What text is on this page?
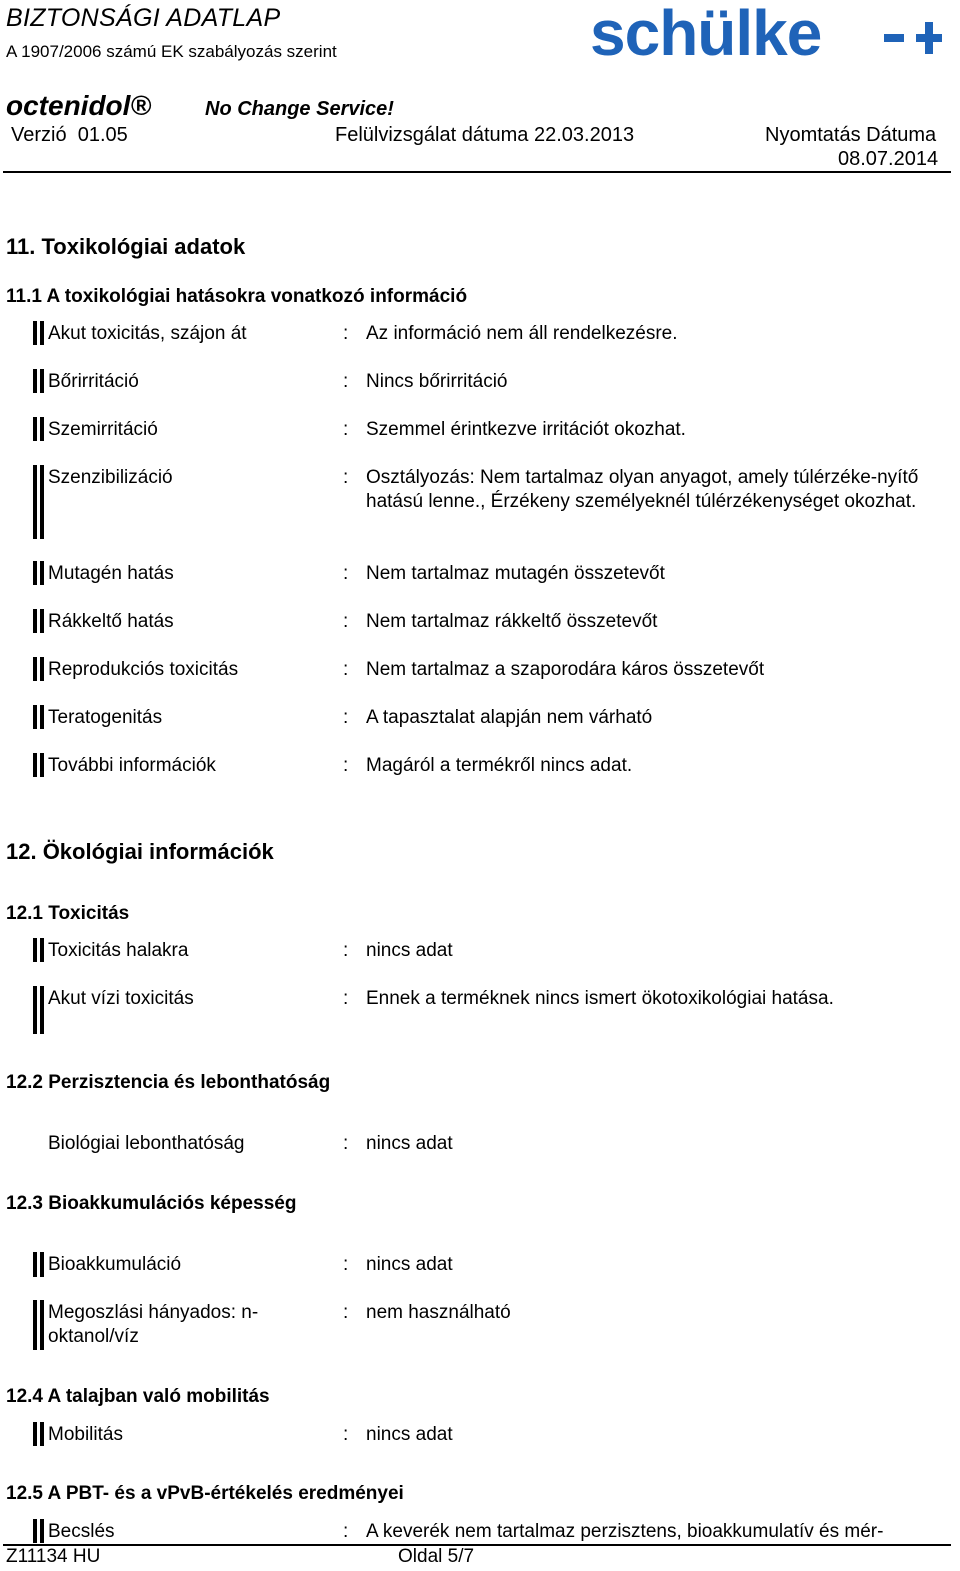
BIZTONSÁGI ADATLAP
A 1907/2006 számú EK szabályozás szerint	schülke
octenidol®	No Change Service!
Verzió 01.05	Felülvizsgálat dátuma 22.03.2013	Nyomtatás Dátuma
08.07.2014
11. Toxikológiai adatok
11.1 A toxikológiai hatásokra vonatkozó információ
Akut toxicitás, szájon át	: Az információ nem áll rendelkezésre.
Bőrirritáció	: Nincs bőrirritáció
Szemirritáció	: Szemmel érintkezve irritációt okozhat.
Szenzibilizáció	: Osztályozás: Nem tartalmaz olyan anyagot, amely túlérzéke-nyítő hatású lenne., Érzékeny személyeknél túlérzékenységet okozhat.
Mutagén hatás	: Nem tartalmaz mutagén összetevőt
Rákkeltő hatás	: Nem tartalmaz rákkeltő összetevőt
Reprodukciós toxicitás	: Nem tartalmaz a szaporodára káros összetevőt
Teratogenitás	: A tapasztalat alapján nem várható
További információk	: Magáról a termékről nincs adat.
12. Ökológiai információk
12.1 Toxicitás
Toxicitás halakra	: nincs adat
Akut vízi toxicitás	: Ennek a terméknek nincs ismert ökotoxikológiai hatása.
12.2 Perzisztencia és lebonthatóság
Biológiai lebonthatóság	: nincs adat
12.3 Bioakkumulációs képesség
Bioakkumuláció	: nincs adat
Megoszlási hányados: n-oktanol/víz
: nem használható
12.4 A talajban való mobilitás
Mobilitás	: nincs adat
12.5 A PBT- és a vPvB-értékelés eredményei
Becslés	: A keverék nem tartalmaz perzisztens, bioakkumulatív és mér-
Z11134 HU	Oldal 5/7
